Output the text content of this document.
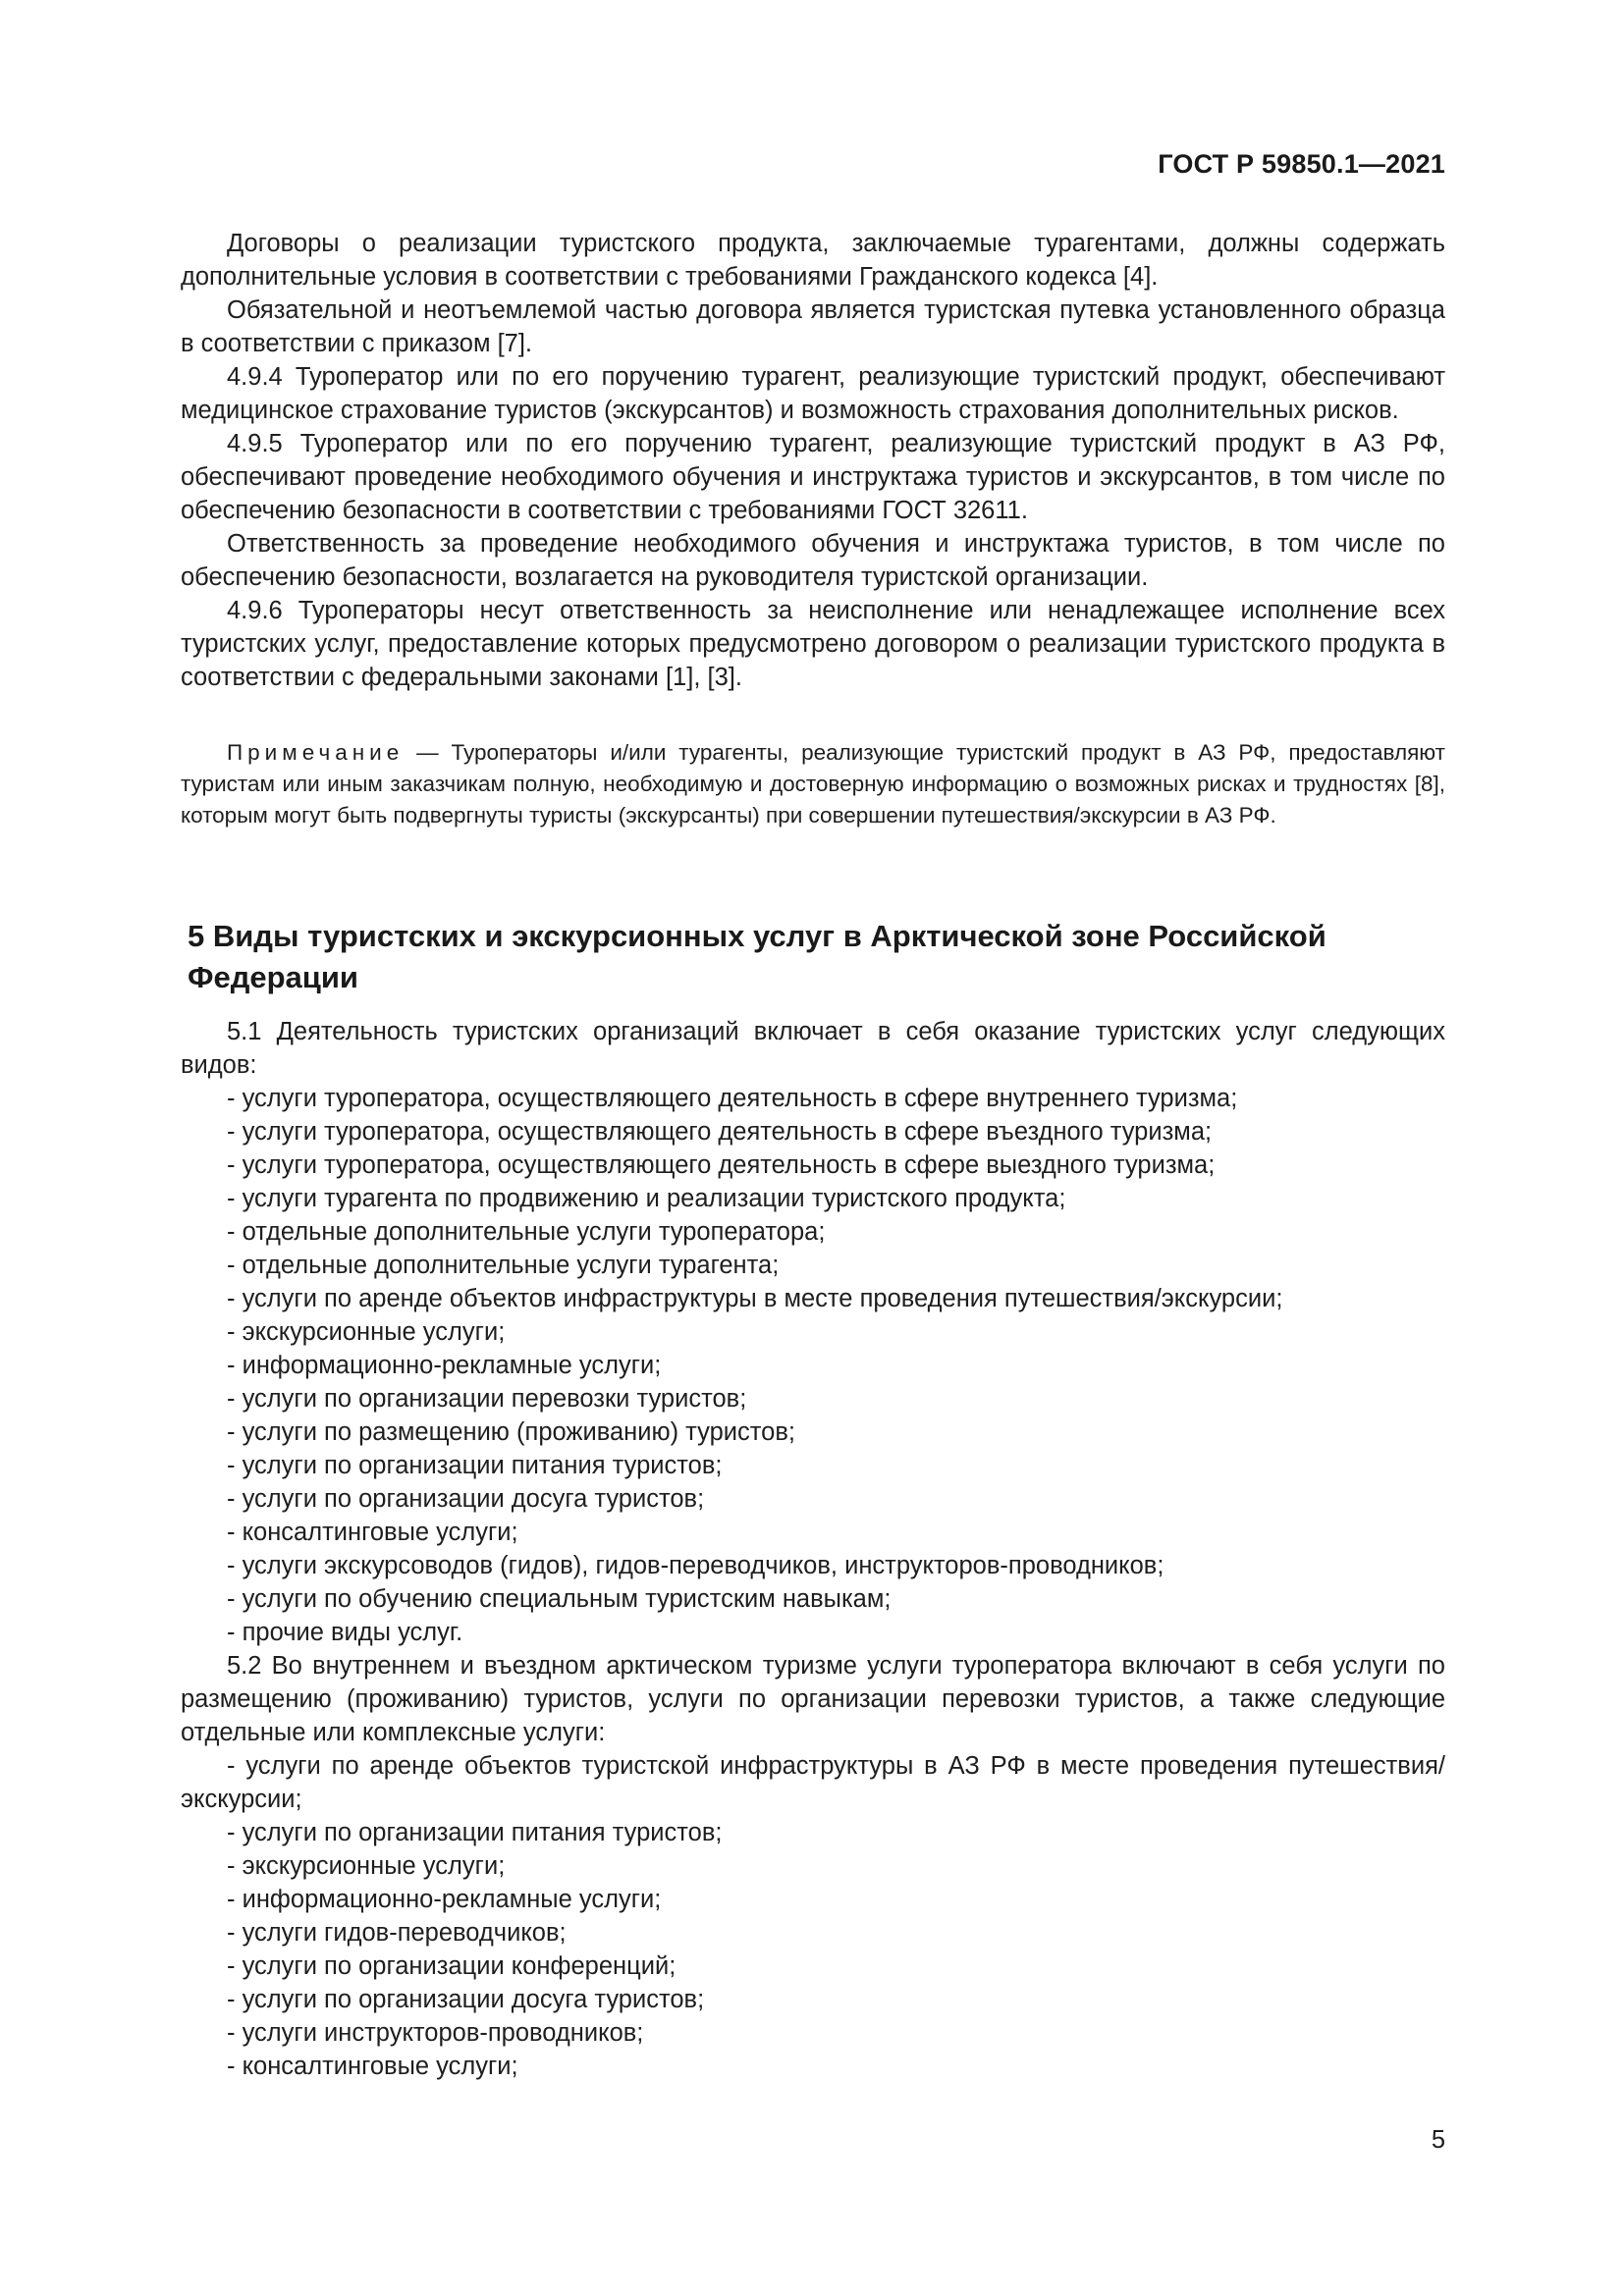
ГОСТ Р 59850.1—2021

Договоры о реализации туристского продукта, заключаемые турагентами, должны содержать дополнительные условия в соответствии с требованиями Гражданского кодекса [4].

Обязательной и неотъемлемой частью договора является туристская путевка установленного образца в соответствии с приказом [7].

4.9.4 Туроператор или по его поручению турагент, реализующие туристский продукт, обеспечивают медицинское страхование туристов (экскурсантов) и возможность страхования дополнительных рисков.

4.9.5 Туроператор или по его поручению турагент, реализующие туристский продукт в АЗ РФ, обеспечивают проведение необходимого обучения и инструктажа туристов и экскурсантов, в том числе по обеспечению безопасности в соответствии с требованиями ГОСТ 32611.

Ответственность за проведение необходимого обучения и инструктажа туристов, в том числе по обеспечению безопасности, возлагается на руководителя туристской организации.

4.9.6 Туроператоры несут ответственность за неисполнение или ненадлежащее исполнение всех туристских услуг, предоставление которых предусмотрено договором о реализации туристского продукта в соответствии с федеральными законами [1], [3].

Примечание — Туроператоры и/или турагенты, реализующие туристский продукт в АЗ РФ, предоставляют туристам или иным заказчикам полную, необходимую и достоверную информацию о возможных рисках и трудностях [8], которым могут быть подвергнуты туристы (экскурсанты) при совершении путешествия/экскурсии в АЗ РФ.

5 Виды туристских и экскурсионных услуг в Арктической зоне Российской Федерации

5.1 Деятельность туристских организаций включает в себя оказание туристских услуг следующих видов:

- услуги туроператора, осуществляющего деятельность в сфере внутреннего туризма;
- услуги туроператора, осуществляющего деятельность в сфере въездного туризма;
- услуги туроператора, осуществляющего деятельность в сфере выездного туризма;
- услуги турагента по продвижению и реализации туристского продукта;
- отдельные дополнительные услуги туроператора;
- отдельные дополнительные услуги турагента;
- услуги по аренде объектов инфраструктуры в месте проведения путешествия/экскурсии;
- экскурсионные услуги;
- информационно-рекламные услуги;
- услуги по организации перевозки туристов;
- услуги по размещению (проживанию) туристов;
- услуги по организации питания туристов;
- услуги по организации досуга туристов;
- консалтинговые услуги;
- услуги экскурсоводов (гидов), гидов-переводчиков, инструкторов-проводников;
- услуги по обучению специальным туристским навыкам;
- прочие виды услуг.

5.2 Во внутреннем и въездном арктическом туризме услуги туроператора включают в себя услуги по размещению (проживанию) туристов, услуги по организации перевозки туристов, а также следующие отдельные или комплексные услуги:

- услуги по аренде объектов туристской инфраструктуры в АЗ РФ в месте проведения путешествия/экскурсии;
- услуги по организации питания туристов;
- экскурсионные услуги;
- информационно-рекламные услуги;
- услуги гидов-переводчиков;
- услуги по организации конференций;
- услуги по организации досуга туристов;
- услуги инструкторов-проводников;
- консалтинговые услуги;
5
